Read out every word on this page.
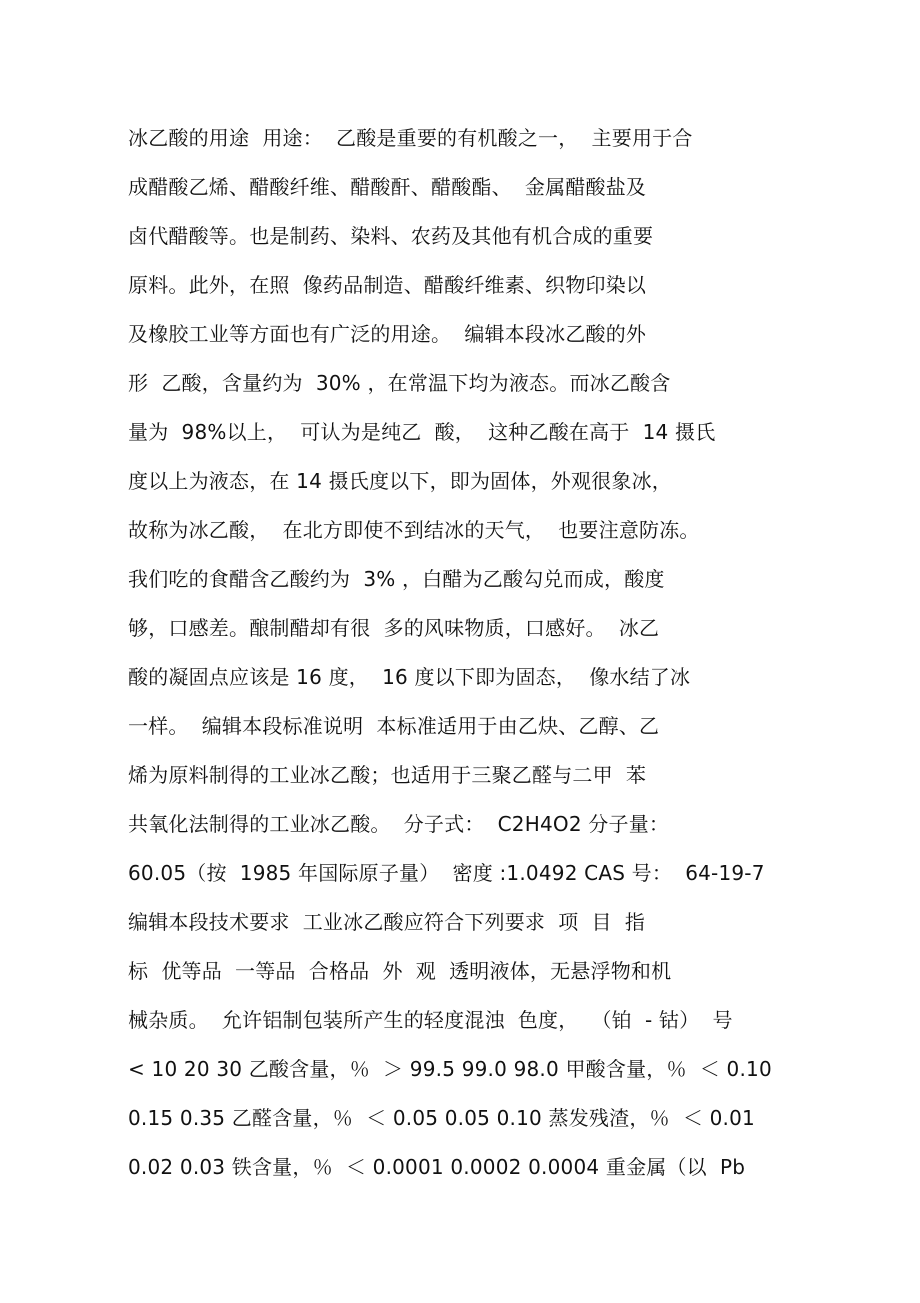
冰乙酸的用途  用途：  乙酸是重要的有机酸之一，  主要用于合
成醋酸乙烯、醋酸纤维、醋酸酐、醋酸酯、  金属醋酸盐及
卤代醋酸等。也是制药、染料、农药及其他有机合成的重要
原料。此外，在照  像药品制造、醋酸纤维素、织物印染以
及橡胶工业等方面也有广泛的用途。  编辑本段冰乙酸的外
形  乙酸，含量约为  30% ，在常温下均为液态。而冰乙酸含
量为  98%以上，  可认为是纯乙  酸，  这种乙酸在高于  14 摄氏
度以上为液态，在 14 摄氏度以下，即为固体，外观很象冰，
故称为冰乙酸，  在北方即使不到结冰的天气，  也要注意防冻。
我们吃的食醋含乙酸约为  3% ，白醋为乙酸勾兑而成，酸度
够，口感差。酿制醋却有很  多的风味物质，口感好。  冰乙
酸的凝固点应该是 16 度，  16 度以下即为固态，  像水结了冰
一样。  编辑本段标准说明  本标准适用于由乙炔、乙醇、乙
烯为原料制得的工业冰乙酸；也适用于三聚乙醛与二甲  苯
共氧化法制得的工业冰乙酸。  分子式：  C2H4O2 分子量：
60.05（按  1985 年国际原子量）  密度 :1.0492 CAS 号：  64-19-7
编辑本段技术要求  工业冰乙酸应符合下列要求  项  目  指
标  优等品  一等品  合格品  外  观  透明液体，无悬浮物和机
械杂质。  允许铝制包装所产生的轻度混浊  色度，  （铂  - 钴）  号
< 10 20 30 乙酸含量，％  ＞ 99.5 99.0 98.0 甲酸含量，％  ＜ 0.10
0.15 0.35 乙醛含量，％  ＜ 0.05 0.05 0.10 蒸发残渣，％  ＜ 0.01
0.02 0.03 铁含量，％  ＜ 0.0001 0.0002 0.0004 重金属（以  Pb
